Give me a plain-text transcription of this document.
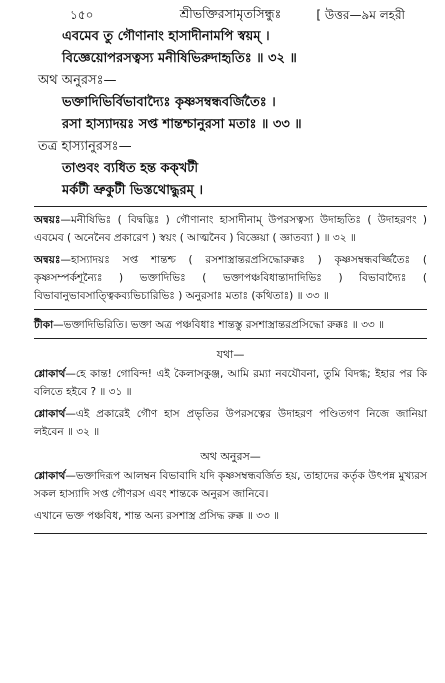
১৫০	শ্রীভক্তিরসামৃতসিন্ধুঃ	[ উত্তর—৯ম লহরী
এবমেব তু গৌণানাং হাসাদীনামপি স্বয়ম্ ।
বিজ্ঞেয়োপরসত্বস্য মনীষিভিরুদাহৃতিঃ ॥ ৩২ ॥
অথ অনুরসঃ—
ভক্তাদিভির্বিভাবাদ্যৈঃ কৃষ্ণসম্বন্ধবর্জিতৈঃ ।
রসা হাস্যাদয়ঃ সপ্ত শান্তশ্চানুরসা মতাঃ ॥ ৩৩ ॥
তত্র হাস্যানুরসঃ—
তাণ্ডবং ব্যধিত হন্ত কক্‌খটী
মর্কটী ভ্রুকুটী ভিস্তথোদ্ধুরম্ ।
অন্বয়ঃ—মনীষিভিঃ ( বিদ্বদ্ভিঃ ) গৌণানাং হাসাদীনাম্ উপরসত্বস্য উদাহৃতিঃ ( উদাহরণং ) এবমেব ( অনেনৈব প্রকারেণ ) স্বয়ং ( আত্মনৈব ) বিজ্ঞেয়া ( জ্ঞাতব্যা ) ॥ ৩২ ॥
অন্বয়ঃ—হাস্যাদয়ঃ সপ্ত শান্তশ্চ ( রসশাস্ত্রান্তরপ্রসিদ্ধোরুক্কঃ ) কৃষ্ণসম্বন্ধবর্জ্জিতৈঃ ( কৃষ্ণসম্পর্কশূন্যৈঃ ) ভক্তাদিভিঃ ( ভক্তাপঞ্চবিধান্তাদাদিভিঃ ) বিভাবাদ্যৈঃ ( বিভাবানুভাবসাত্ত্বিকব্যভিচারিভিঃ ) অনুরসাঃ মতাঃ (কথিতাঃ) ॥ ৩৩ ॥
টীকা—ভক্তাদিভিরিতি। ভক্তা অত্র পঞ্চবিধাঃ শান্তস্তু রসশাস্ত্রান্তরপ্রসিদ্ধো রুক্কঃ ॥ ৩৩ ॥
যথা—
শ্লোকার্থ—হে কান্ত! গোবিন্দ! এই কৈলাসকুঞ্জ, আমি রম্যা নবযৌবনা, তুমি বিদগ্ধ; ইহার পর কি বলিতে হইবে ? ॥ ৩১ ॥
শ্লোকার্থ—এই প্রকারেই গৌণ হাস প্রভৃতির উপরসত্বের উদাহরণ পণ্ডিতগণ নিজে জানিয়া লইবেন ॥ ৩২ ॥
অথ অনুরস—
শ্লোকার্থ—ভক্তাদিরূপ আলম্বন বিভাবাদি যদি কৃষ্ণসম্বন্ধবর্জিত হয়, তাহাদের কর্তৃক উৎপন্ন মুখ্যরস সকল হাস্যাদি সপ্ত গৌণরস এবং শান্তকে অনুরস জানিবে।
এখানে ভক্ত পঞ্চবিধ, শান্ত অন্য রসশাস্ত্র প্রসিদ্ধ রুক্ক ॥ ৩৩ ॥
